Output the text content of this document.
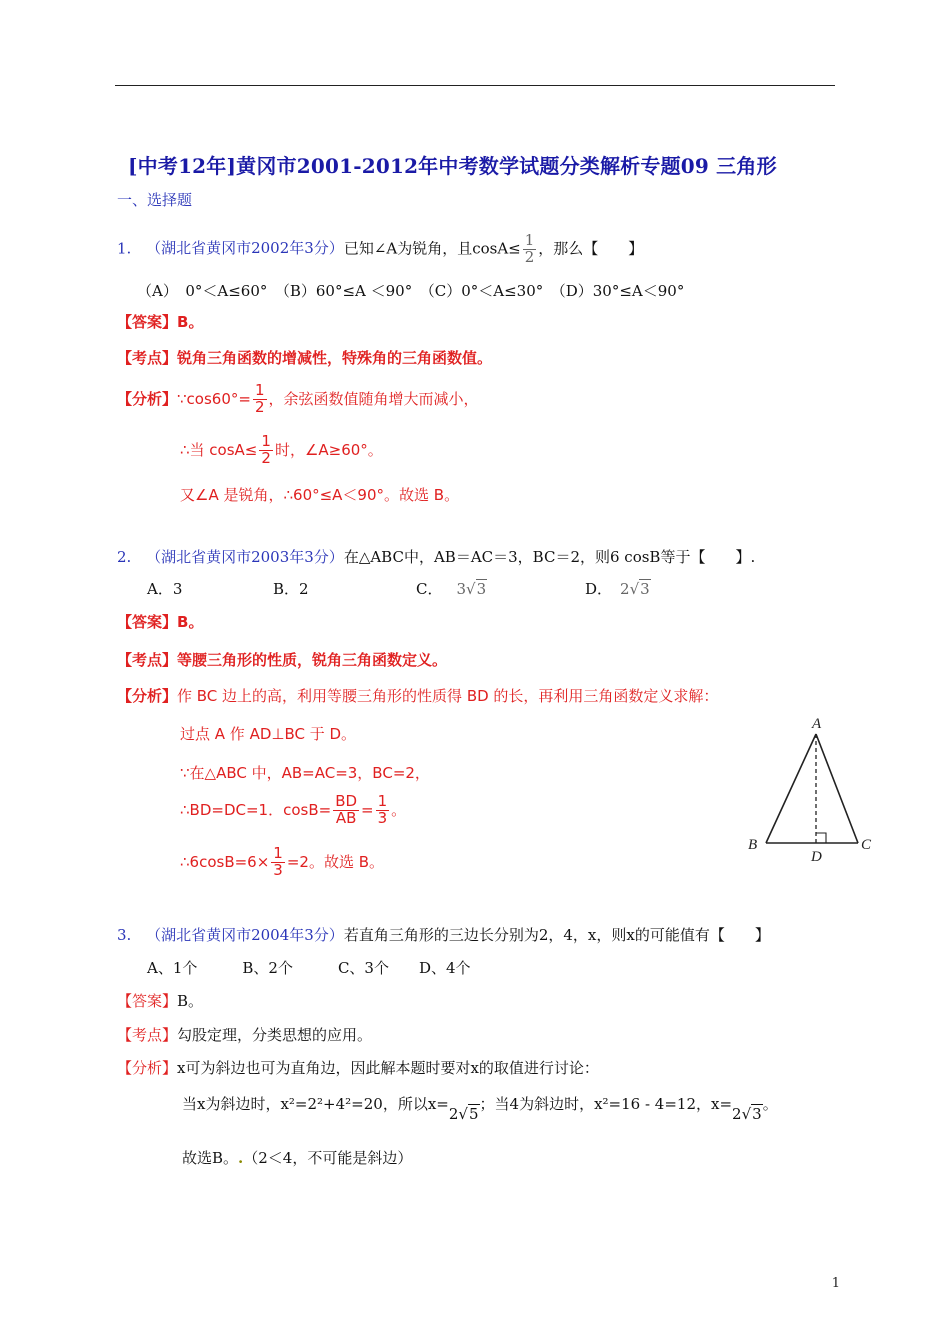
[中考12年]黄冈市2001-2012年中考数学试题分类解析专题09 三角形
一、选择题
1. （湖北省黄冈市2002年3分）已知∠A为锐角，且$\cos A\le \frac{1}{2}$ ，那么【　　】
（A）　0°＜A≤60°　（B）60°≤A ＜90°　（C）0°＜A≤30°　（D）30°≤A＜90°
【答案】B。
【考点】锐角三角函数的增减性，特殊角的三角函数值。
【分析】∵cos60°= $\frac{1}{2}$ ，余弦函数值随角增大而减小，
∴当 $\cos A\le \frac{1}{2}$ 时，∠A≥60°。
又∠A 是锐角，∴60°≤A＜90°。故选 B。
2. （湖北省黄冈市2003年3分）在△ABC中，AB＝AC＝3，BC＝2，则6 cosB等于【　　】.
A．3	B．2	C． 3√3	D． 2√3
【答案】B。
【考点】等腰三角形的性质，锐角三角函数定义。
【分析】作 BC 边上的高，利用等腰三角形的性质得 BD 的长，再利用三角函数定义求解：
过点 A 作 AD⊥BC 于 D。
∵在△ABC 中，AB=AC=3，BC=2，
∴BD=DC=1．$\cos B= \frac{BD}{AB} = \frac{1}{3}$ 。
∴6cosB=6× $\frac{1}{3} =2$。故选 B。
A
B	C
D
3. （湖北省黄冈市2004年3分）若直角三角形的三边长分别为2，4，x，则x的可能值有【　　】
A、1个　　　B、2个　　　C、3个　　D、4个
【答案】B。
【考点】勾股定理，分类思想的应用。
【分析】x可为斜边也可为直角边，因此解本题时要对x的取值进行讨论：
当x为斜边时，x²=2²+4²=20，所以x=2√5；当4为斜边时，x²=16 - 4=12，x=2√3。
故选B。.（2＜4，不可能是斜边）
1
